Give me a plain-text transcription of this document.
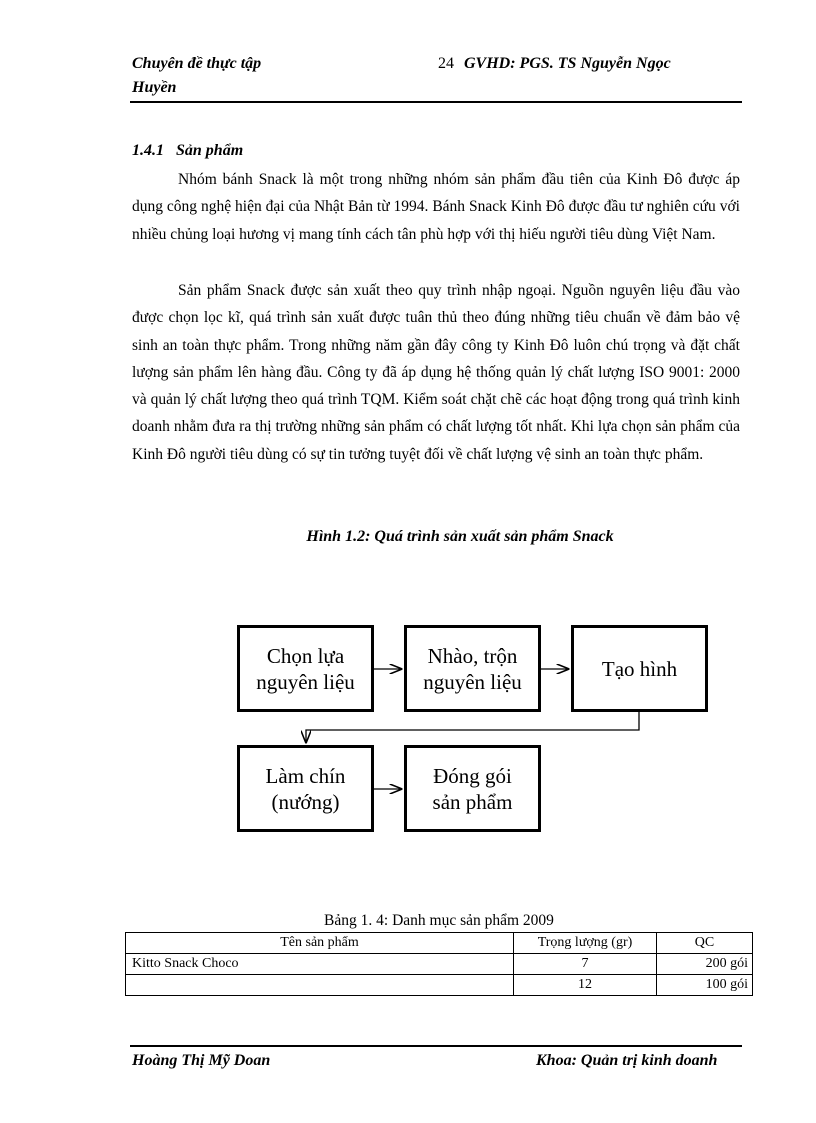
Chuyên đề thực tập
Huyền
24 GVHD: PGS. TS Nguyễn Ngọc
1.4.1 Sản phẩm
Nhóm bánh Snack là một trong những nhóm sản phẩm đầu tiên của Kinh Đô được áp dụng công nghệ hiện đại của Nhật Bản từ 1994. Bánh Snack Kinh Đô được đầu tư nghiên cứu với nhiều chủng loại hương vị mang tính cách tân phù hợp với thị hiếu người tiêu dùng Việt Nam.
Sản phẩm Snack được sản xuất theo quy trình nhập ngoại. Nguồn nguyên liệu đầu vào được chọn lọc kĩ, quá trình sản xuất được tuân thủ theo đúng những tiêu chuẩn về đảm bảo vệ sinh an toàn thực phẩm. Trong những năm gần đây công ty Kinh Đô luôn chú trọng và đặt chất lượng sản phẩm lên hàng đầu. Công ty đã áp dụng hệ thống quản lý chất lượng ISO 9001: 2000 và quản lý chất lượng theo quá trình TQM. Kiểm soát chặt chẽ các hoạt động trong quá trình kinh doanh nhằm đưa ra thị trường những sản phẩm có chất lượng tốt nhất. Khi lựa chọn sản phẩm của Kinh Đô người tiêu dùng có sự tin tưởng tuyệt đối về chất lượng vệ sinh an toàn thực phẩm.
Hình 1.2: Quá trình sản xuất sản phẩm Snack
Chọn lựa
nguyên liệu
Nhào, trộn
nguyên liệu
Tạo hình
Làm chín
(nướng)
Đóng gói
sản phẩm
Bảng 1. 4: Danh mục sản phẩm 2009
Tên sản phẩm	Trọng lượng (gr)	QC
Kitto Snack Choco	7	200 gói
	12	100 gói
Hoàng Thị Mỹ Doan	Khoa: Quản trị kinh doanh
